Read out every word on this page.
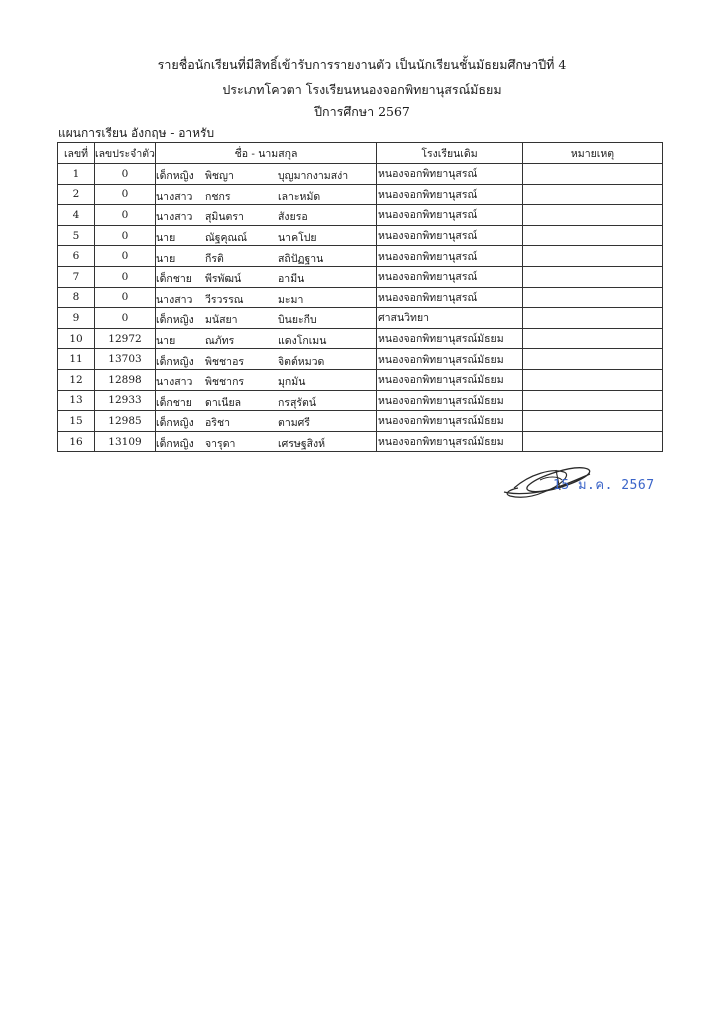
รายชื่อนักเรียนที่มีสิทธิ์เข้ารับการรายงานตัว เป็นนักเรียนชั้นมัธยมศึกษาปีที่ 4
ประเภทโควตา โรงเรียนหนองจอกพิทยานุสรณ์มัธยม
ปีการศึกษา 2567
แผนการเรียน อังกฤษ - อาหรับ
เลขที่	เลขประจำตัว	ชื่อ - นามสกุล	โรงเรียนเดิม	หมายเหตุ
1	0	เด็กหญิง พิชญา บุญมากงามสง่า	หนองจอกพิทยานุสรณ์	
2	0	นางสาว กชกร เลาะหมัด	หนองจอกพิทยานุสรณ์	
4	0	นางสาว สุมินตรา สังยรอ	หนองจอกพิทยานุสรณ์	
5	0	นาย ณัฐคุณณ์ นาคโปย	หนองจอกพิทยานุสรณ์	
6	0	นาย กีรติ สถิปัฏฐาน	หนองจอกพิทยานุสรณ์	
7	0	เด็กชาย พีรพัฒน์ อามีน	หนองจอกพิทยานุสรณ์	
8	0	นางสาว วีรวรรณ มะมา	หนองจอกพิทยานุสรณ์	
9	0	เด็กหญิง มนัสยา บินยะกีบ	ศาสนวิทยา	
10	12972	นาย ณภัทร แดงโกเมน	หนองจอกพิทยานุสรณ์มัธยม	
11	13703	เด็กหญิง พิชชาอร จิตต์หมวด	หนองจอกพิทยานุสรณ์มัธยม	
12	12898	นางสาว พิชชากร มุกมัน	หนองจอกพิทยานุสรณ์มัธยม	
13	12933	เด็กชาย ดาเนียล กรสุรัตน์	หนองจอกพิทยานุสรณ์มัธยม	
15	12985	เด็กหญิง อริชา ตามศรี	หนองจอกพิทยานุสรณ์มัธยม	
16	13109	เด็กหญิง จารุดา เศรษฐสิงห์	หนองจอกพิทยานุสรณ์มัธยม	
15 ม.ค. 2567
